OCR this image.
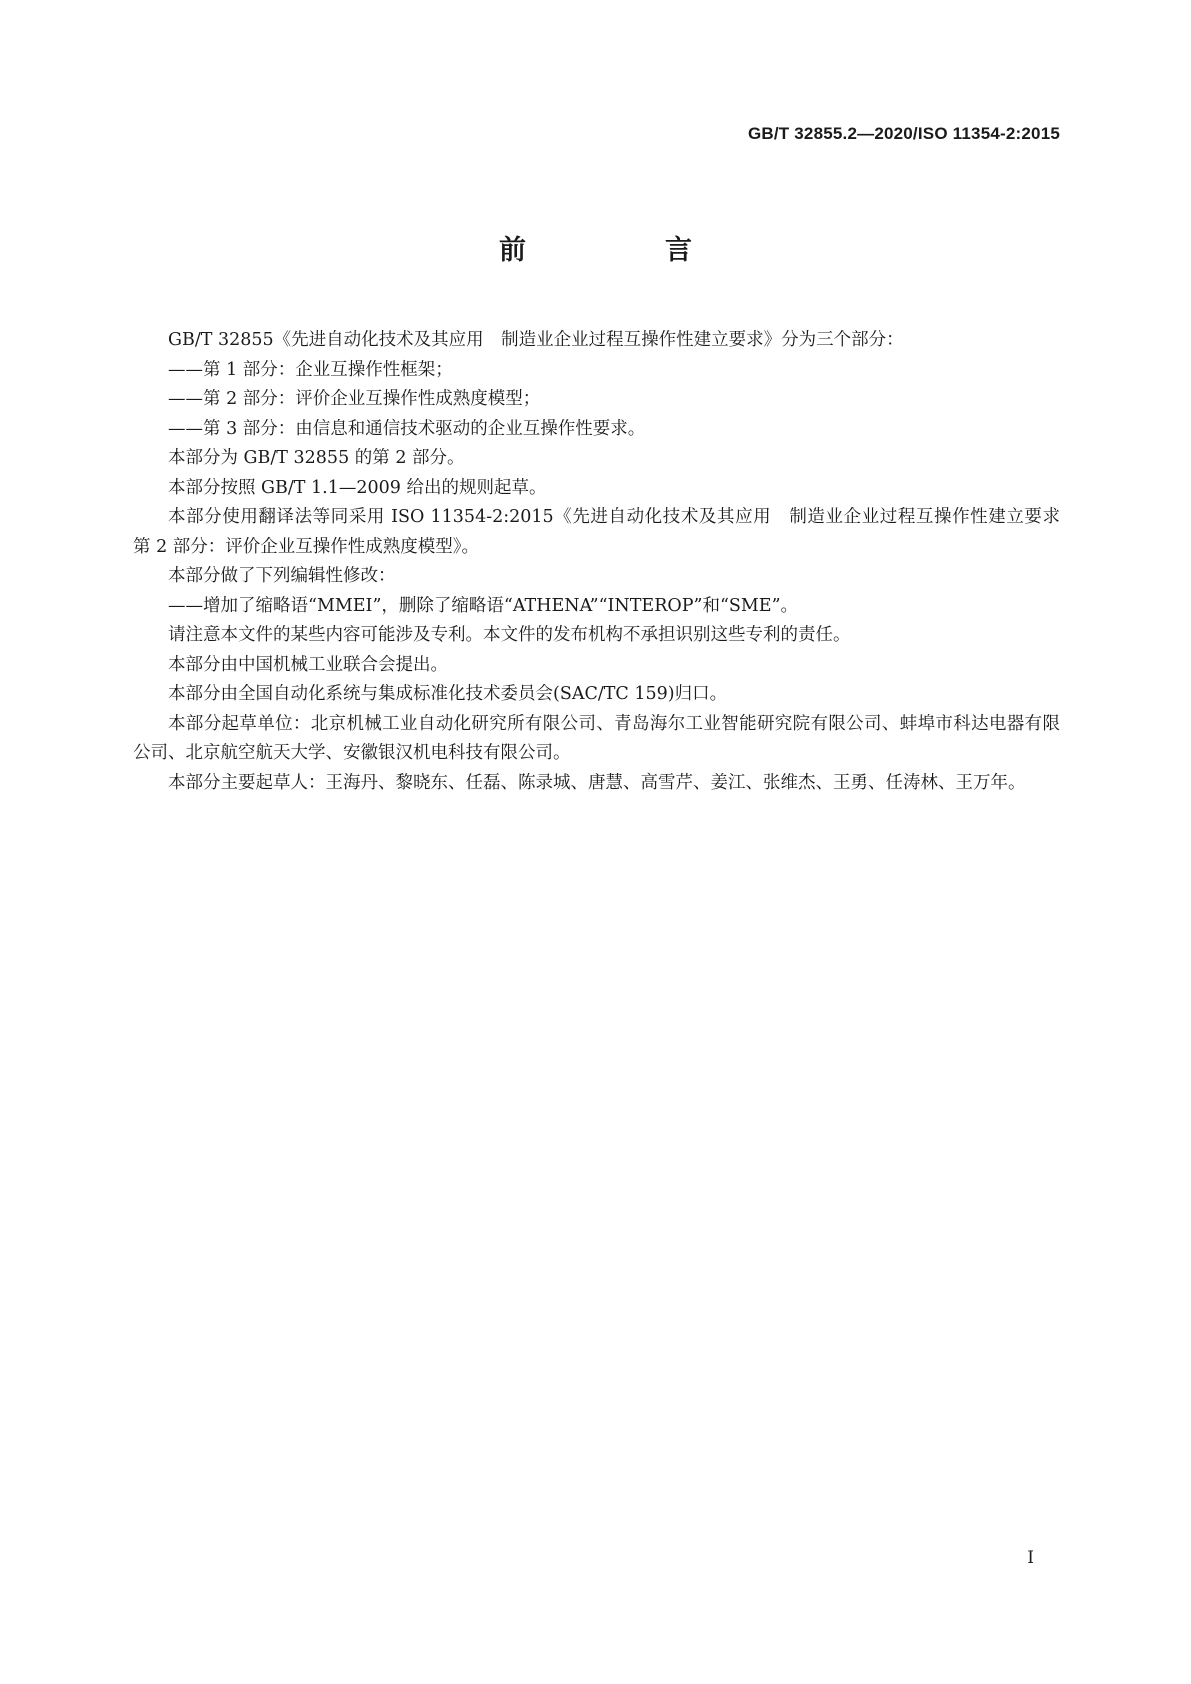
GB/T 32855.2—2020/ISO 11354-2:2015
前　言

GB/T 32855《先进自动化技术及其应用　制造业企业过程互操作性建立要求》分为三个部分：

——第 1 部分：企业互操作性框架；

——第 2 部分：评价企业互操作性成熟度模型；

——第 3 部分：由信息和通信技术驱动的企业互操作性要求。

本部分为 GB/T 32855 的第 2 部分。

本部分按照 GB/T 1.1—2009 给出的规则起草。

本部分使用翻译法等同采用 ISO 11354-2:2015《先进自动化技术及其应用　制造业企业过程互操作性建立要求　第 2 部分：评价企业互操作性成熟度模型》。

本部分做了下列编辑性修改：

——增加了缩略语“MMEI”，删除了缩略语“ATHENA”“INTEROP”和“SME”。

请注意本文件的某些内容可能涉及专利。本文件的发布机构不承担识别这些专利的责任。

本部分由中国机械工业联合会提出。

本部分由全国自动化系统与集成标准化技术委员会(SAC/TC 159)归口。

本部分起草单位：北京机械工业自动化研究所有限公司、青岛海尔工业智能研究院有限公司、蚌埠市科达电器有限公司、北京航空航天大学、安徽银汉机电科技有限公司。

本部分主要起草人：王海丹、黎晓东、任磊、陈录城、唐慧、高雪芹、姜江、张维杰、王勇、任涛林、王万年。

I
